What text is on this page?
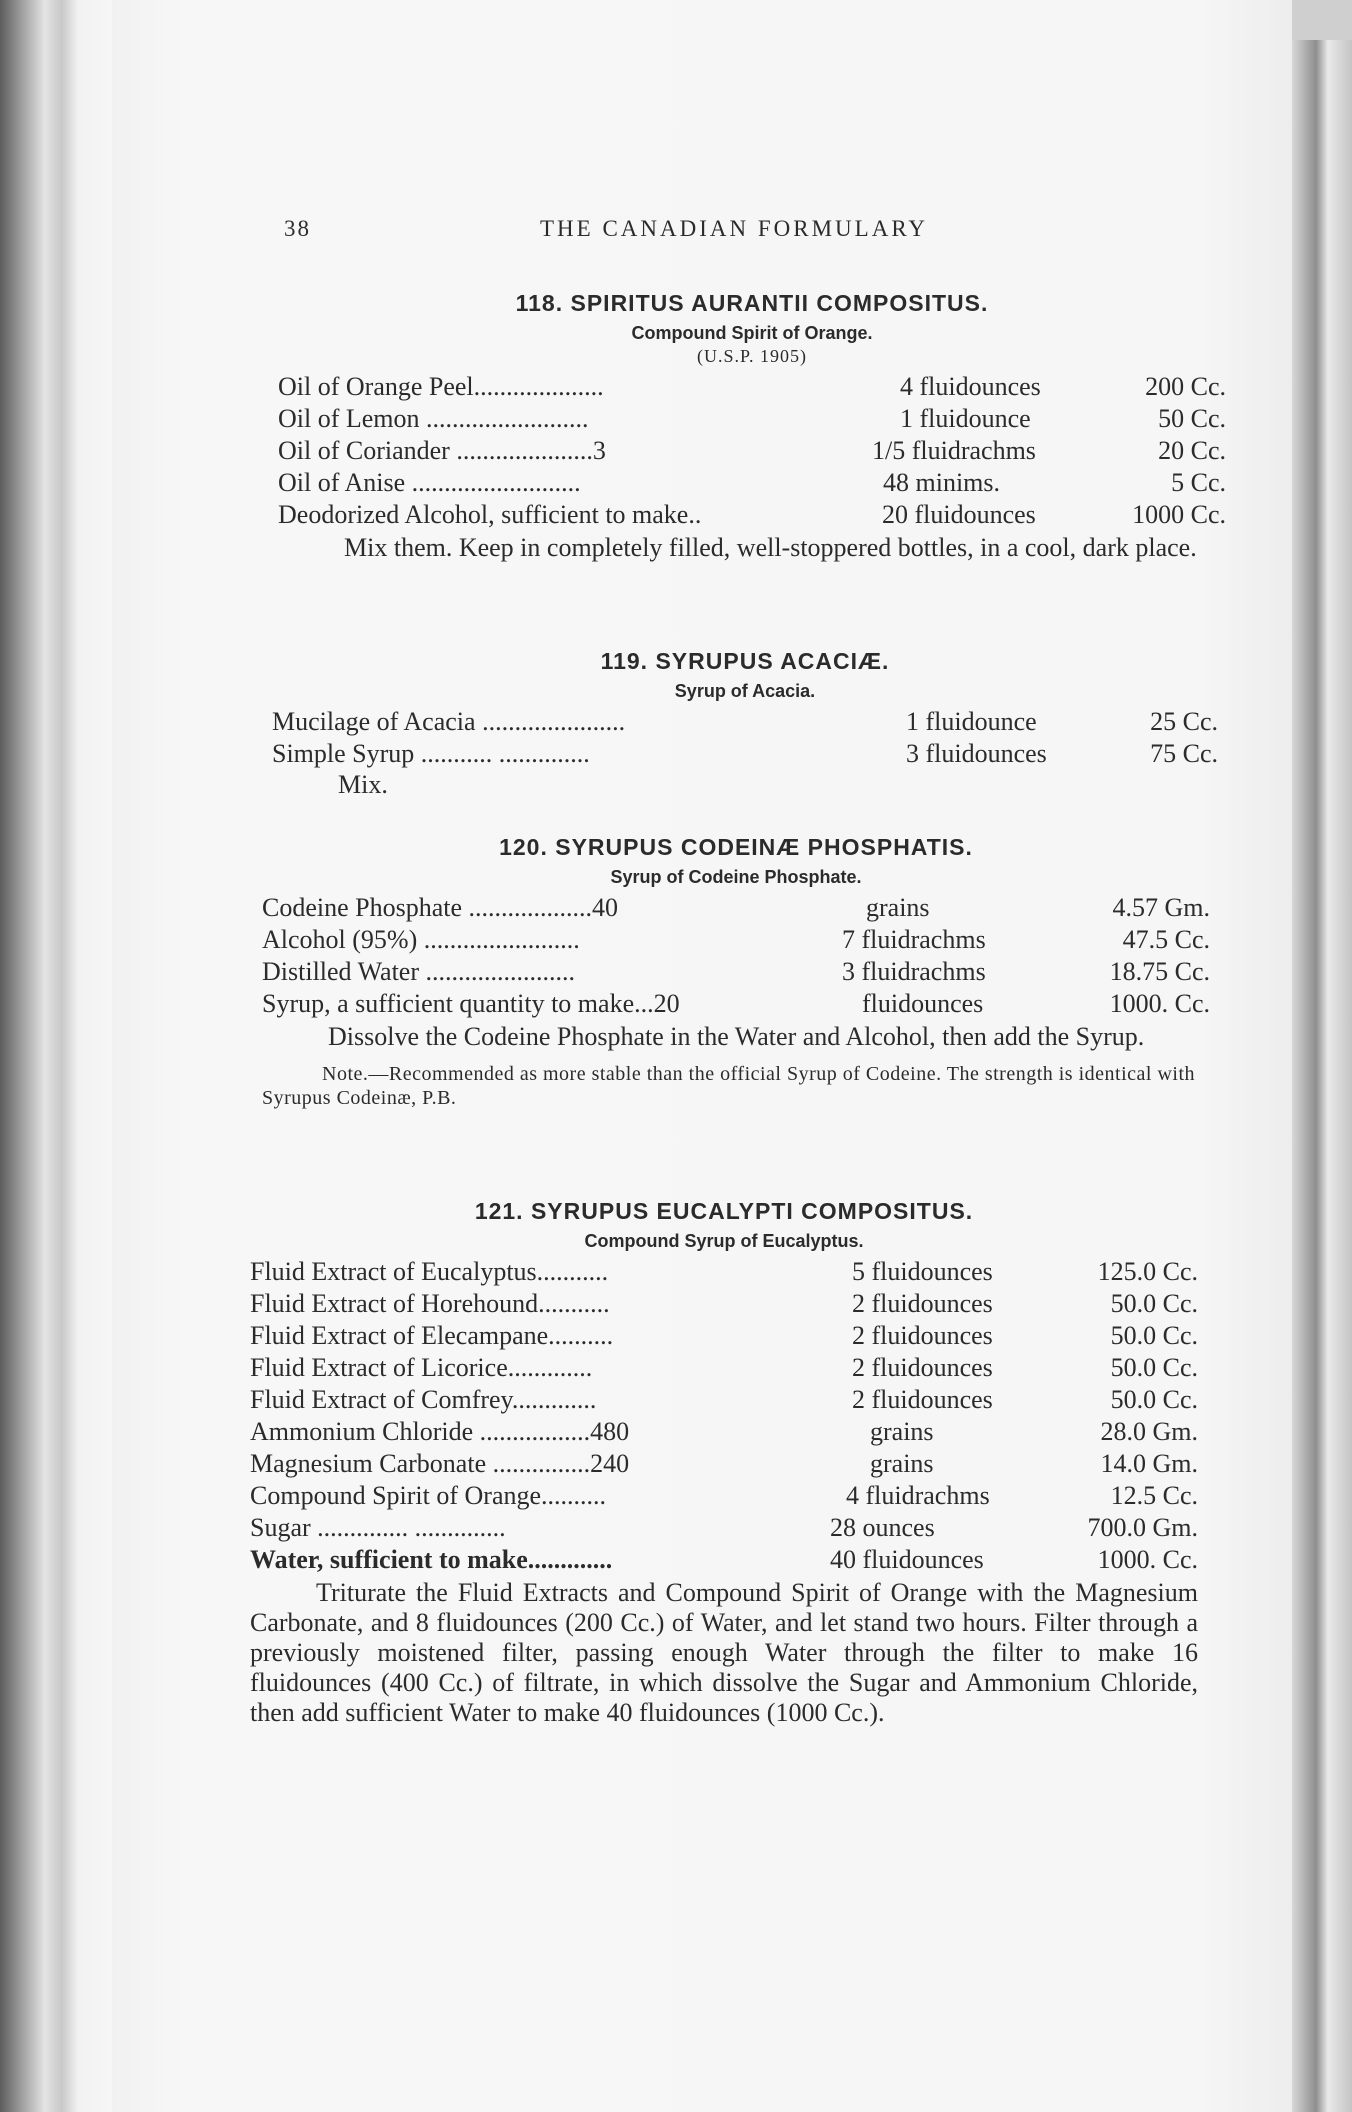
38	THE CANADIAN FORMULARY
118. SPIRITUS AURANTII COMPOSITUS.

Compound Spirit of Orange.

(U.S.P. 1905)

Oil of Orange Peel....................	4 fluidounces	200 Cc.
Oil of Lemon .........................	1 fluidounce	50 Cc.
Oil of Coriander .....................3	1/5 fluidrachms	20 Cc.
Oil of Anise ..........................	48 minims.	5 Cc.
Deodorized Alcohol, sufficient to make..	20 fluidounces	1000 Cc.

Mix them. Keep in completely filled, well-stoppered bottles, in a cool, dark place.

119. SYRUPUS ACACIÆ.

Syrup of Acacia.

Mucilage of Acacia ......................	1 fluidounce	25 Cc.
Simple Syrup ........... ..............	3 fluidounces	75 Cc.

Mix.

120. SYRUPUS CODEINÆ PHOSPHATIS.

Syrup of Codeine Phosphate.

Codeine Phosphate ...................40	grains	4.57 Gm.
Alcohol (95%) ........................	7 fluidrachms	47.5 Cc.
Distilled Water .......................	3 fluidrachms	18.75 Cc.
Syrup, a sufficient quantity to make...20	fluidounces	1000. Cc.

Dissolve the Codeine Phosphate in the Water and Alcohol, then add the Syrup.

Note.—Recommended as more stable than the official Syrup of Codeine. The strength is identical with Syrupus Codeinæ, P.B.

121. SYRUPUS EUCALYPTI COMPOSITUS.

Compound Syrup of Eucalyptus.

Fluid Extract of Eucalyptus...........	5 fluidounces	125.0 Cc.
Fluid Extract of Horehound...........	2 fluidounces	50.0 Cc.
Fluid Extract of Elecampane..........	2 fluidounces	50.0 Cc.
Fluid Extract of Licorice.............	2 fluidounces	50.0 Cc.
Fluid Extract of Comfrey.............	2 fluidounces	50.0 Cc.
Ammonium Chloride .................480	grains	28.0 Gm.
Magnesium Carbonate ...............240	grains	14.0 Gm.
Compound Spirit of Orange..........	4 fluidrachms	12.5 Cc.
Sugar .............. ..............	28 ounces	700.0 Gm.
Water, sufficient to make.............	40 fluidounces	1000. Cc.

Triturate the Fluid Extracts and Compound Spirit of Orange with the Magnesium Carbonate, and 8 fluidounces (200 Cc.) of Water, and let stand two hours. Filter through a previously moistened filter, passing enough Water through the filter to make 16 fluidounces (400 Cc.) of filtrate, in which dissolve the Sugar and Ammonium Chloride, then add sufficient Water to make 40 fluidounces (1000 Cc.).
